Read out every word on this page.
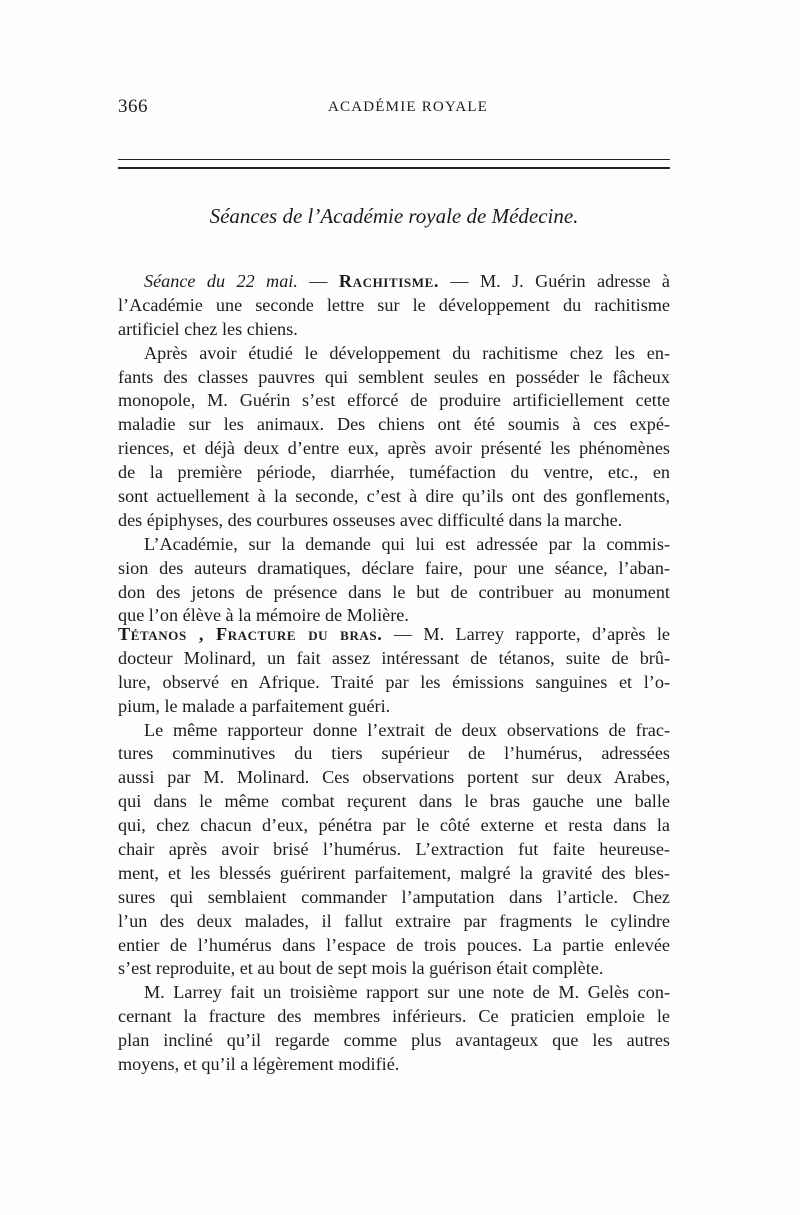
366	ACADÉMIE ROYALE
Séances de l’Académie royale de Médecine.
Séance du 22 mai. — Rachitisme. — M. J. Guérin adresse à
l’Académie une seconde lettre sur le développement du rachitisme
artificiel chez les chiens.
Après avoir étudié le développement du rachitisme chez les en-
fants des classes pauvres qui semblent seules en posséder le fâcheux
monopole, M. Guérin s’est efforcé de produire artificiellement cette
maladie sur les animaux. Des chiens ont été soumis à ces expé-
riences, et déjà deux d’entre eux, après avoir présenté les phénomènes
de la première période, diarrhée, tuméfaction du ventre, etc., en
sont actuellement à la seconde, c’est à dire qu’ils ont des gonflements,
des épiphyses, des courbures osseuses avec difficulté dans la marche.
L’Académie, sur la demande qui lui est adressée par la commis-
sion des auteurs dramatiques, déclare faire, pour une séance, l’aban-
don des jetons de présence dans le but de contribuer au monument
que l’on élève à la mémoire de Molière.
Tétanos , Fracture du bras. — M. Larrey rapporte, d’après le
docteur Molinard, un fait assez intéressant de tétanos, suite de brû-
lure, observé en Afrique. Traité par les émissions sanguines et l’o-
pium, le malade a parfaitement guéri.
Le même rapporteur donne l’extrait de deux observations de frac-
tures comminutives du tiers supérieur de l’humérus, adressées
aussi par M. Molinard. Ces observations portent sur deux Arabes,
qui dans le même combat reçurent dans le bras gauche une balle
qui, chez chacun d’eux, pénétra par le côté externe et resta dans la
chair après avoir brisé l’humérus. L’extraction fut faite heureuse-
ment, et les blessés guérirent parfaitement, malgré la gravité des bles-
sures qui semblaient commander l’amputation dans l’article. Chez
l’un des deux malades, il fallut extraire par fragments le cylindre
entier de l’humérus dans l’espace de trois pouces. La partie enlevée
s’est reproduite, et au bout de sept mois la guérison était complète.
M. Larrey fait un troisième rapport sur une note de M. Gelès con-
cernant la fracture des membres inférieurs. Ce praticien emploie le
plan incliné qu’il regarde comme plus avantageux que les autres
moyens, et qu’il a légèrement modifié.
